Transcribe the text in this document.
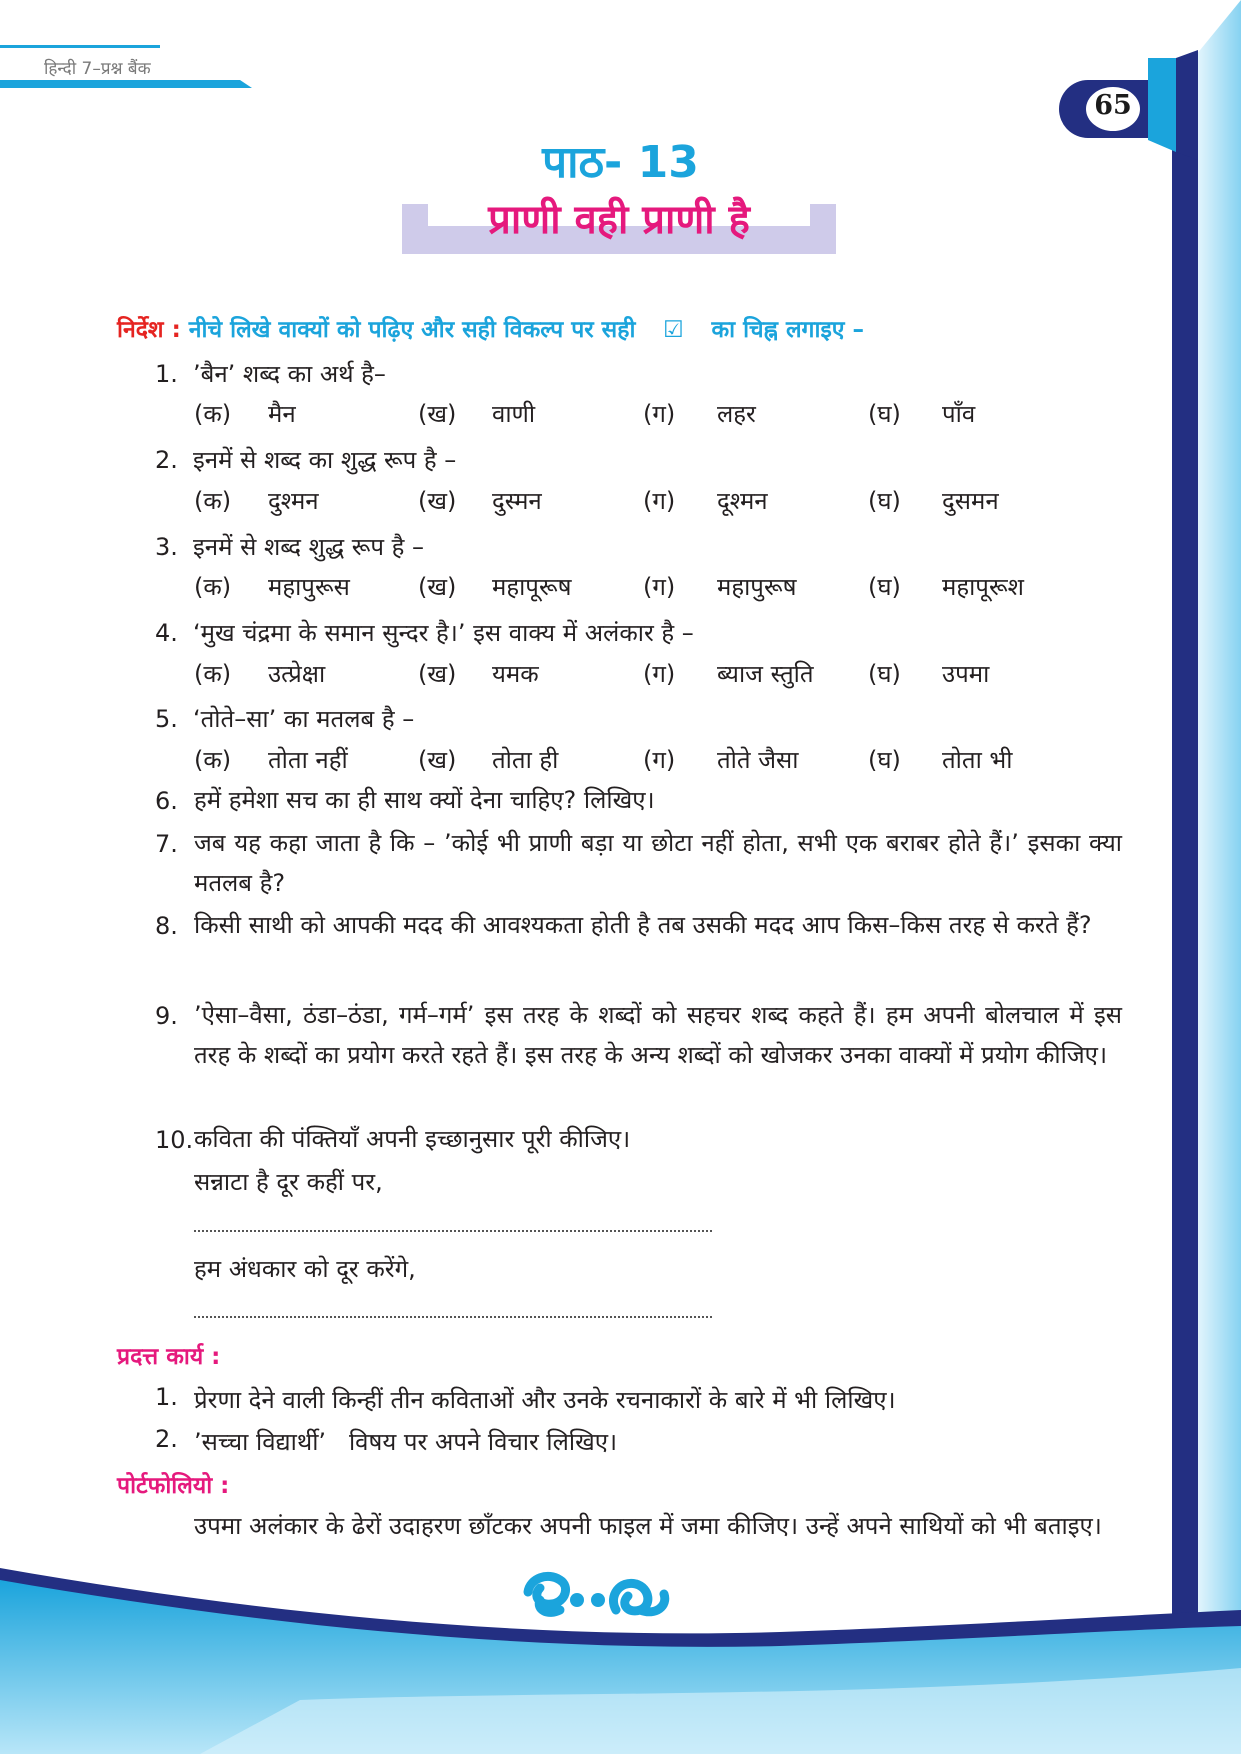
हिन्दी 7–प्रश्न बैंक
65
पाठ- 13
प्राणी वही प्राणी है
निर्देश : नीचे लिखे वाक्यों को पढ़िए और सही विकल्प पर सही ☑ का चिह्न लगाइए –
1. ’बैन’ शब्द का अर्थ है–
(क) मैन	(ख) वाणी	(ग) लहर	(घ) पाँव
2. इनमें से शब्द का शुद्ध रूप है –
(क) दुश्मन	(ख) दुस्मन	(ग) दूश्मन	(घ) दुसमन
3. इनमें से शब्द शुद्ध रूप है –
(क) महापुरूस	(ख) महापूरूष	(ग) महापुरूष	(घ) महापूरूश
4. ‘मुख चंद्रमा के समान सुन्दर है।’ इस वाक्य में अलंकार है –
(क) उत्प्रेक्षा	(ख) यमक	(ग) ब्याज स्तुति (घ) उपमा
5. ‘तोते–सा’ का मतलब है –
(क) तोता नहीं	(ख) तोता ही	(ग) तोते जैसा	(घ) तोता भी
6. हमें हमेशा सच का ही साथ क्यों देना चाहिए? लिखिए।
7. जब यह कहा जाता है कि – ’कोई भी प्राणी बड़ा या छोटा नहीं होता, सभी एक बराबर होते हैं।’ इसका क्या मतलब है?
8. किसी साथी को आपकी मदद की आवश्यकता होती है तब उसकी मदद आप किस–किस तरह से करते हैं?
9. ’ऐसा–वैसा, ठंडा–ठंडा, गर्म–गर्म’ इस तरह के शब्दों को सहचर शब्द कहते हैं। हम अपनी बोलचाल में इस तरह के शब्दों का प्रयोग करते रहते हैं। इस तरह के अन्य शब्दों को खोजकर उनका वाक्यों में प्रयोग कीजिए।
10. कविता की पंक्तियाँ अपनी इच्छानुसार पूरी कीजिए।
सन्नाटा है दूर कहीं पर,
हम अंधकार को दूर करेंगे,
प्रदत्त कार्य :
1. प्रेरणा देने वाली किन्हीं तीन कविताओं और उनके रचनाकारों के बारे में भी लिखिए।
2. ’सच्चा विद्यार्थी’   विषय पर अपने विचार लिखिए।
पोर्टफोलियो :
उपमा अलंकार के ढेरों उदाहरण छाँटकर अपनी फाइल में जमा कीजिए। उन्हें अपने साथियों को भी बताइए।
